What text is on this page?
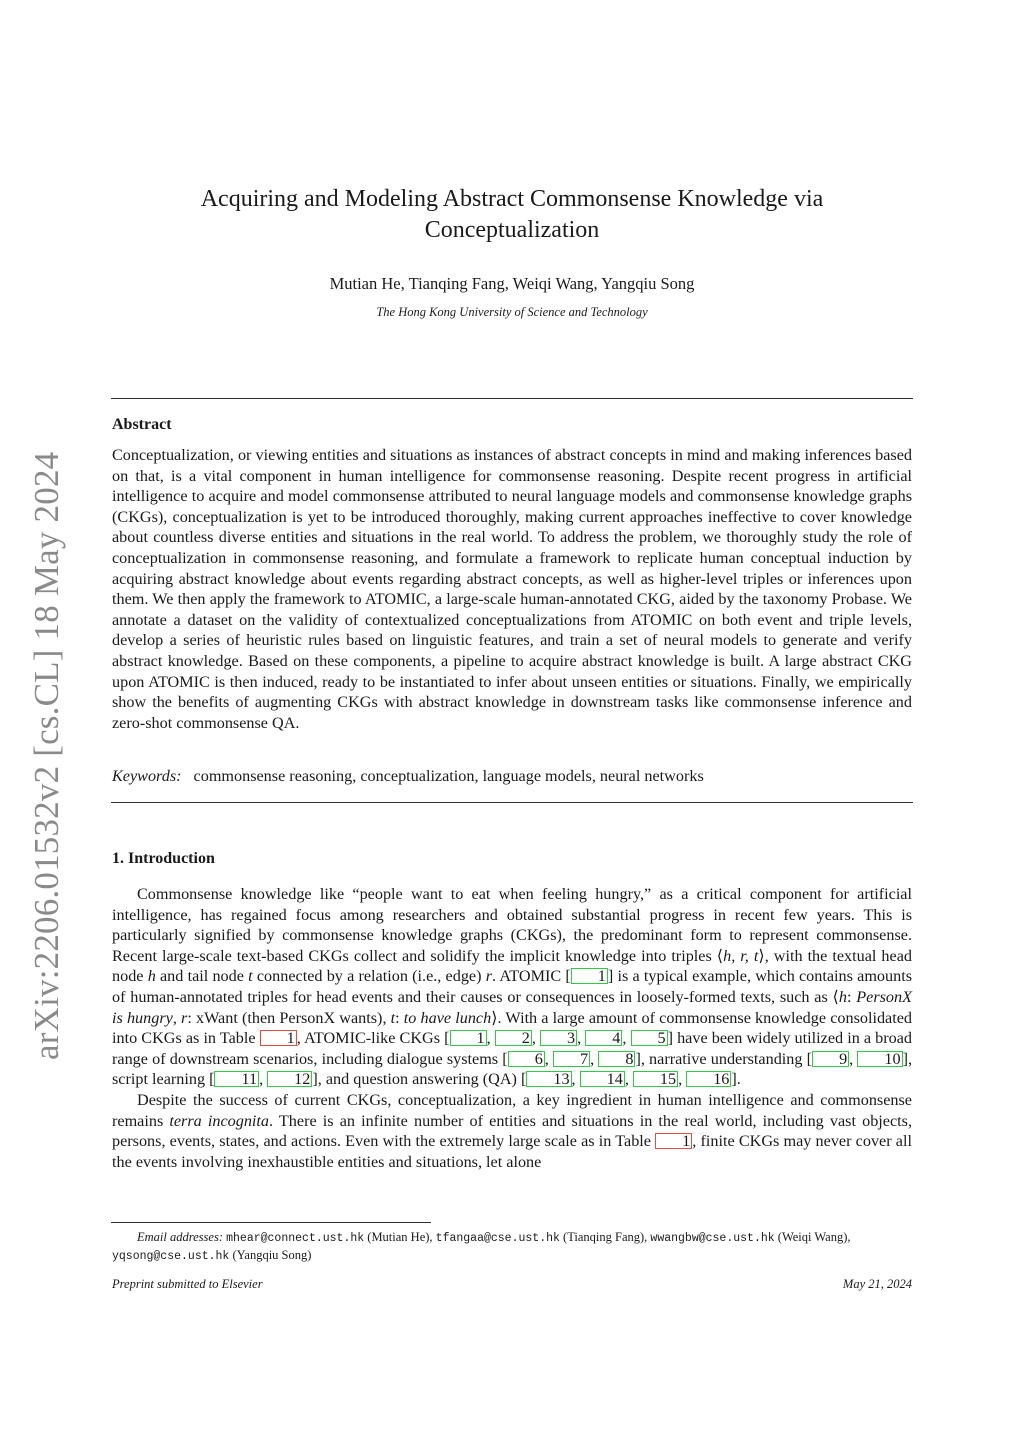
arXiv:2206.01532v2 [cs.CL] 18 May 2024
Acquiring and Modeling Abstract Commonsense Knowledge via Conceptualization
Mutian He, Tianqing Fang, Weiqi Wang, Yangqiu Song
The Hong Kong University of Science and Technology
Abstract

Conceptualization, or viewing entities and situations as instances of abstract concepts in mind and making inferences based on that, is a vital component in human intelligence for commonsense reasoning. Despite recent progress in artificial intelligence to acquire and model commonsense attributed to neural language models and commonsense knowledge graphs (CKGs), conceptualization is yet to be introduced thoroughly, making current approaches ineffective to cover knowledge about countless diverse entities and situations in the real world. To address the problem, we thoroughly study the role of conceptualization in commonsense reasoning, and formulate a framework to replicate human conceptual induction by acquiring abstract knowledge about events regarding abstract concepts, as well as higher-level triples or inferences upon them. We then apply the framework to ATOMIC, a large-scale human-annotated CKG, aided by the taxonomy Probase. We annotate a dataset on the validity of contextualized conceptualizations from ATOMIC on both event and triple levels, develop a series of heuristic rules based on linguistic features, and train a set of neural models to generate and verify abstract knowledge. Based on these components, a pipeline to acquire abstract knowledge is built. A large abstract CKG upon ATOMIC is then induced, ready to be instantiated to infer about unseen entities or situations. Finally, we empirically show the benefits of augmenting CKGs with abstract knowledge in downstream tasks like commonsense inference and zero-shot commonsense QA.

Keywords: commonsense reasoning, conceptualization, language models, neural networks
1. Introduction

Commonsense knowledge like “people want to eat when feeling hungry,” as a critical component for artificial intelligence, has regained focus among researchers and obtained substantial progress in recent few years. This is particularly signified by commonsense knowledge graphs (CKGs), the predominant form to represent commonsense. Recent large-scale text-based CKGs collect and solidify the implicit knowledge into triples ⟨h, r, t⟩, with the textual head node h and tail node t connected by a relation (i.e., edge) r. ATOMIC [ 1 ] is a typical example, which contains amounts of human-annotated triples for head events and their causes or consequences in loosely-formed texts, such as ⟨h: PersonX is hungry, r: xWant (then PersonX wants), t: to have lunch⟩. With a large amount of commonsense knowledge consolidated into CKGs as in Table 1 , ATOMIC-like CKGs [ 1 , 2 , 3 , 4 , 5 ] have been widely utilized in a broad range of downstream scenarios, including dialogue systems [ 6 , 7 , 8 ], narrative understanding [ 9 , 10 ], script learning [ 11 , 12 ], and question answering (QA) [ 13 , 14 , 15 , 16 ].

Despite the success of current CKGs, conceptualization, a key ingredient in human intelligence and commonsense remains terra incognita. There is an infinite number of entities and situations in the real world, including vast objects, persons, events, states, and actions. Even with the extremely large scale as in Table 1 , finite CKGs may never cover all the events involving inexhaustible entities and situations, let alone

Email addresses: mhear@connect.ust.hk (Mutian He), tfangaa@cse.ust.hk (Tianqing Fang), wwangbw@cse.ust.hk (Weiqi Wang), yqsong@cse.ust.hk (Yangqiu Song)
Preprint submitted to Elsevier	May 21, 2024
